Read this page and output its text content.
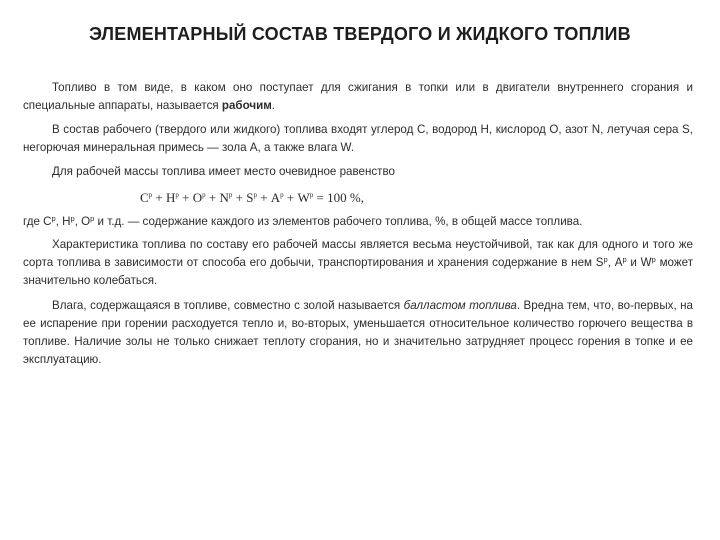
ЭЛЕМЕНТАРНЫЙ СОСТАВ ТВЕРДОГО И ЖИДКОГО ТОПЛИВ

Топливо в том виде, в каком оно поступает для сжигания в топки или в двигатели внутреннего сгорания и специальные аппараты, называется рабочим.

В состав рабочего (твердого или жидкого) топлива входят углерод С, водород Н, кислород О, азот N, летучая сера S, негорючая минеральная примесь — зола А, а также влага W.

Для рабочей массы топлива имеет место очевидное равенство

$C^р + H^р + O^р + N^р + S^р + A^р + W^р = 100$ %,
где $C^р$, $H^р$, $O^р$ и т.д. — содержание каждого из элементов рабочего топлива, %, в общей массе топлива.

Характеристика топлива по составу его рабочей массы является весьма неустойчивой, так как для одного и того же сорта топлива в зависимости от способа его добычи, транспортирования и хранения содержание в нем $S^р$, $A^р$ и $W^р$ может значительно колебаться.

Влага, содержащаяся в топливе, совместно с золой называется балластом топлива. Вредна тем, что, во-первых, на ее испарение при горении расходуется тепло и, во-вторых, уменьшается относительное количество горючего вещества в топливе. Наличие золы не только снижает теплоту сгорания, но и значительно затрудняет процесс горения в топке и ее эксплуатацию.
